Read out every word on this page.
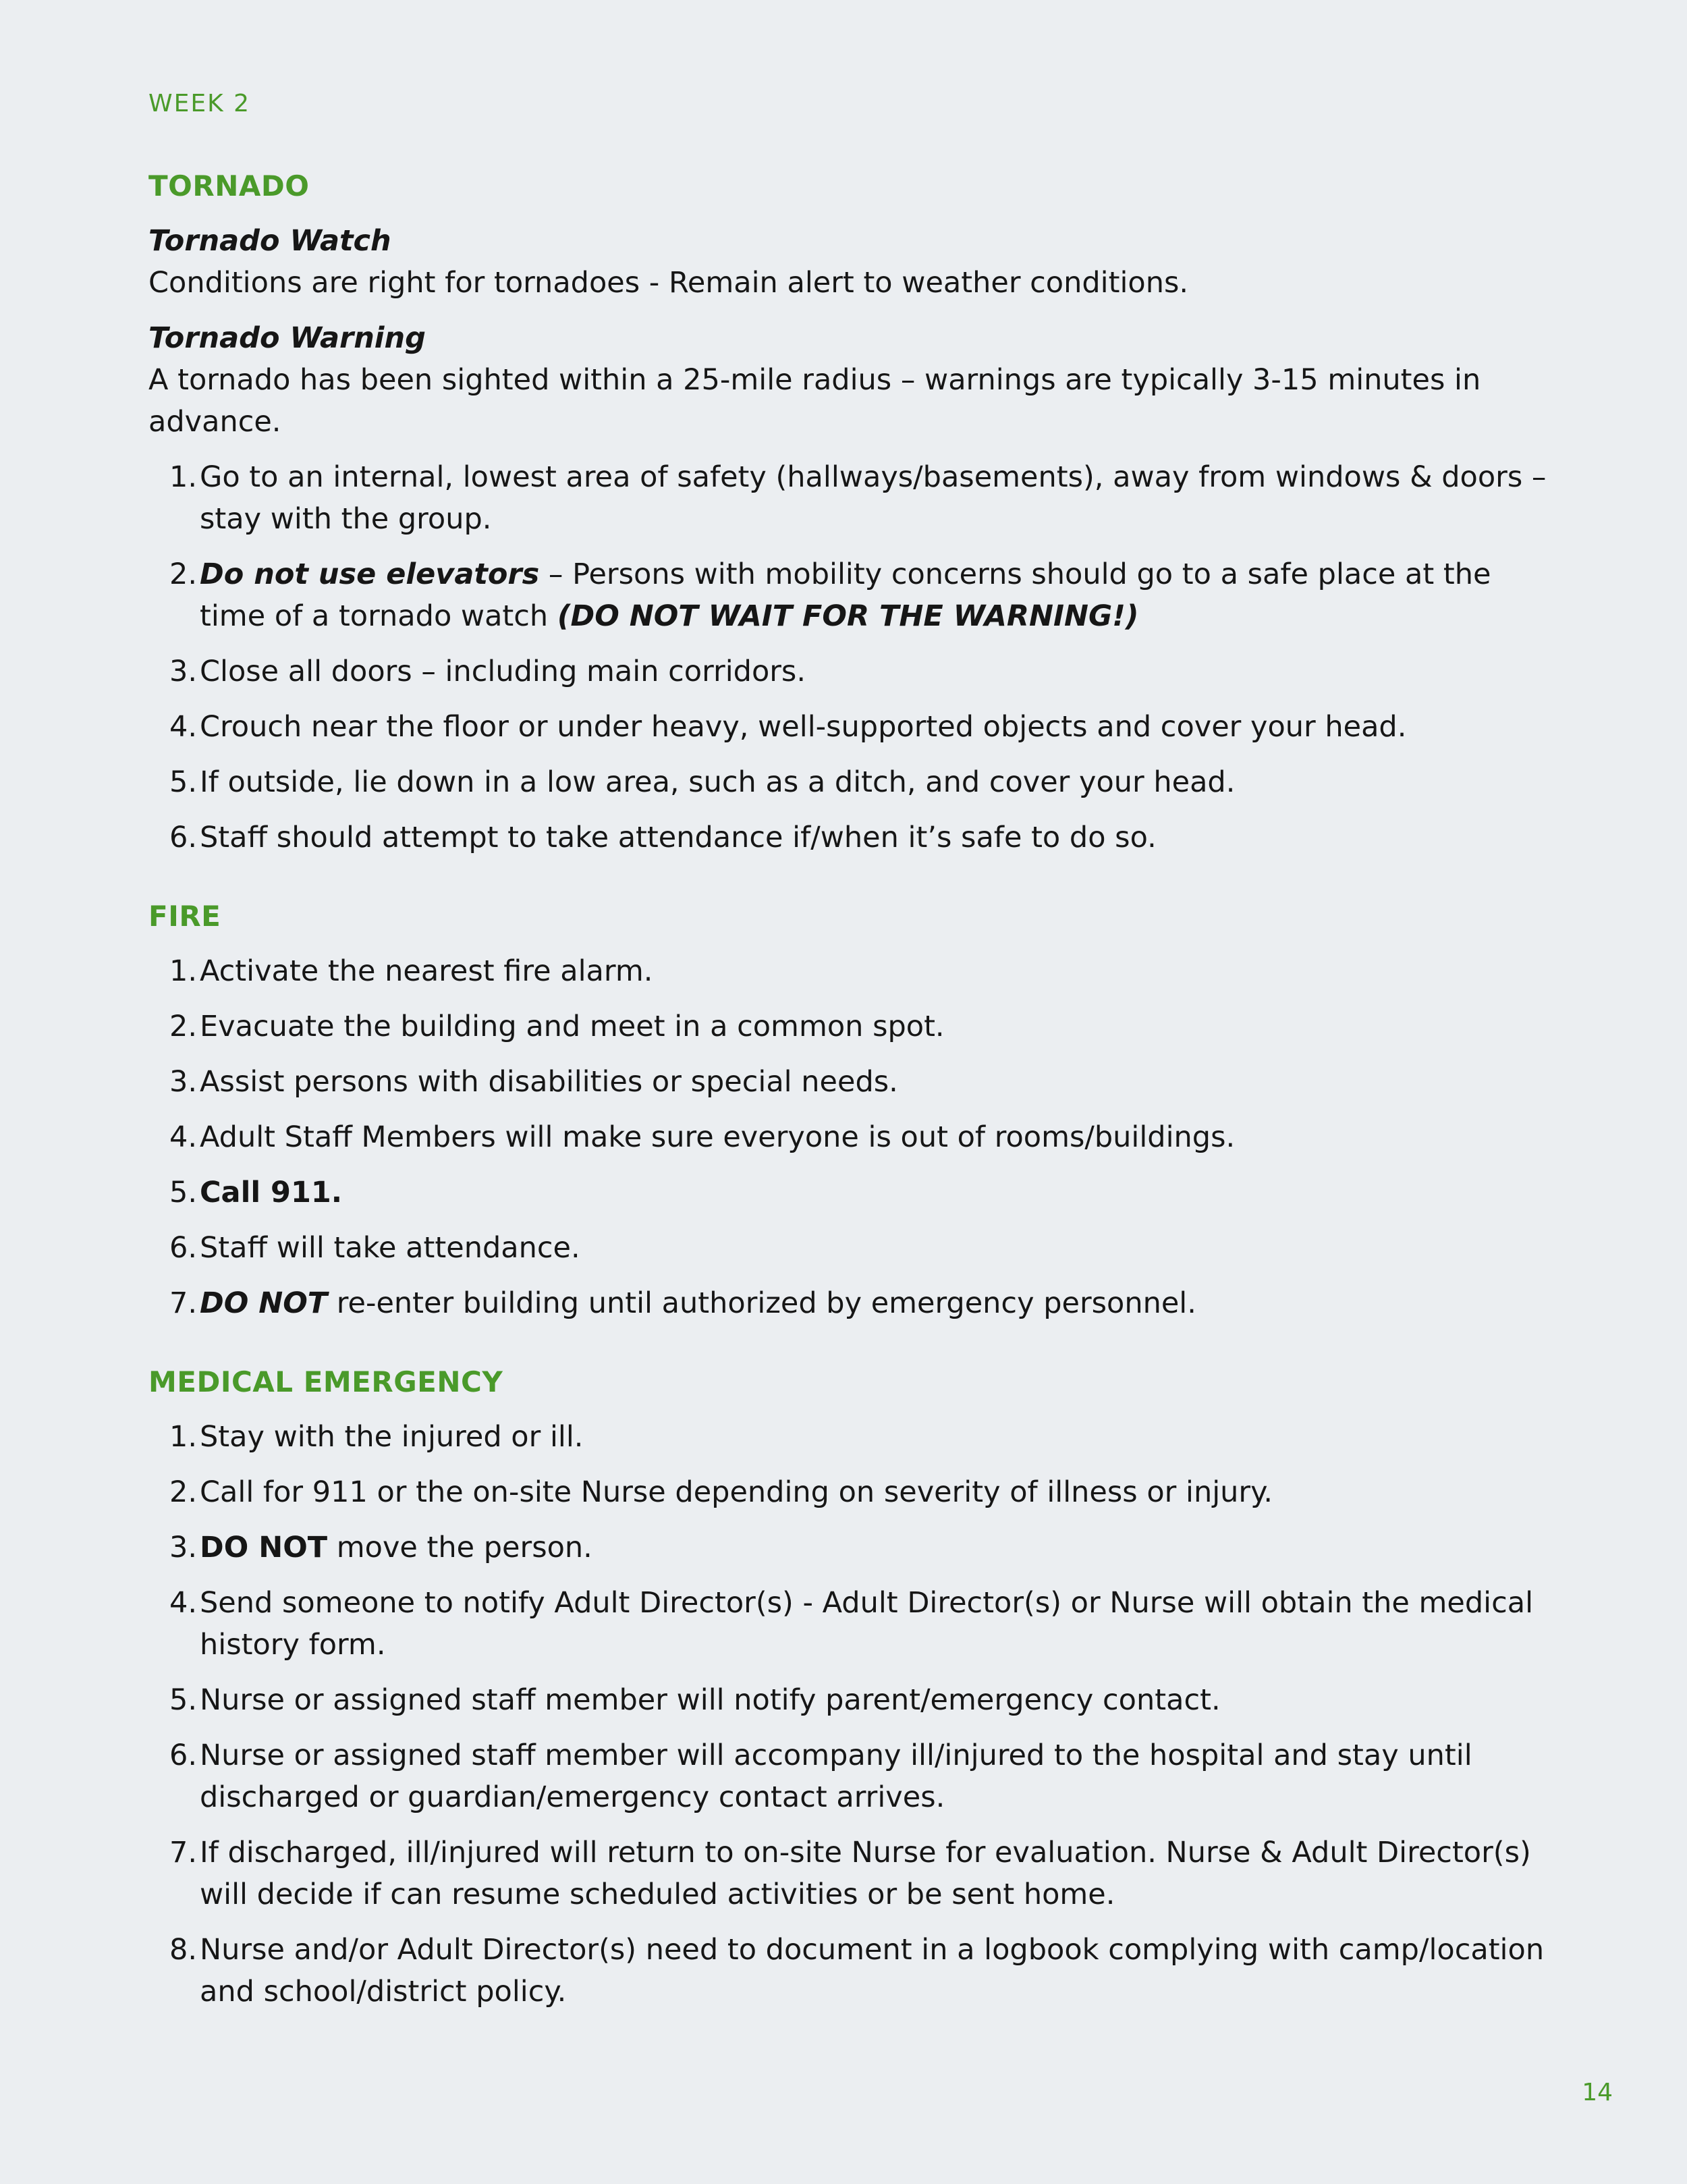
WEEK 2

TORNADO

Tornado Watch

Conditions are right for tornadoes - Remain alert to weather conditions.

Tornado Warning

A tornado has been sighted within a 25-mile radius – warnings are typically 3-15 minutes in advance.

1. Go to an internal, lowest area of safety (hallways/basements), away from windows & doors – stay with the group.
2. Do not use elevators – Persons with mobility concerns should go to a safe place at the time of a tornado watch (DO NOT WAIT FOR THE WARNING!)
3. Close all doors – including main corridors.
4. Crouch near the floor or under heavy, well-supported objects and cover your head.
5. If outside, lie down in a low area, such as a ditch, and cover your head.
6. Staff should attempt to take attendance if/when it’s safe to do so.
FIRE
1. Activate the nearest fire alarm.
2. Evacuate the building and meet in a common spot.
3. Assist persons with disabilities or special needs.
4. Adult Staff Members will make sure everyone is out of rooms/buildings.
5. Call 911.
6. Staff will take attendance.
7. DO NOT re-enter building until authorized by emergency personnel.
MEDICAL EMERGENCY
1. Stay with the injured or ill.
2. Call for 911 or the on-site Nurse depending on severity of illness or injury.
3. DO NOT move the person.
4. Send someone to notify Adult Director(s) - Adult Director(s) or Nurse will obtain the medical history form.
5. Nurse or assigned staff member will notify parent/emergency contact.
6. Nurse or assigned staff member will accompany ill/injured to the hospital and stay until discharged or guardian/emergency contact arrives.
7. If discharged, ill/injured will return to on-site Nurse for evaluation. Nurse & Adult Director(s) will decide if can resume scheduled activities or be sent home.
8. Nurse and/or Adult Director(s) need to document in a logbook complying with camp/location and school/district policy.
14
